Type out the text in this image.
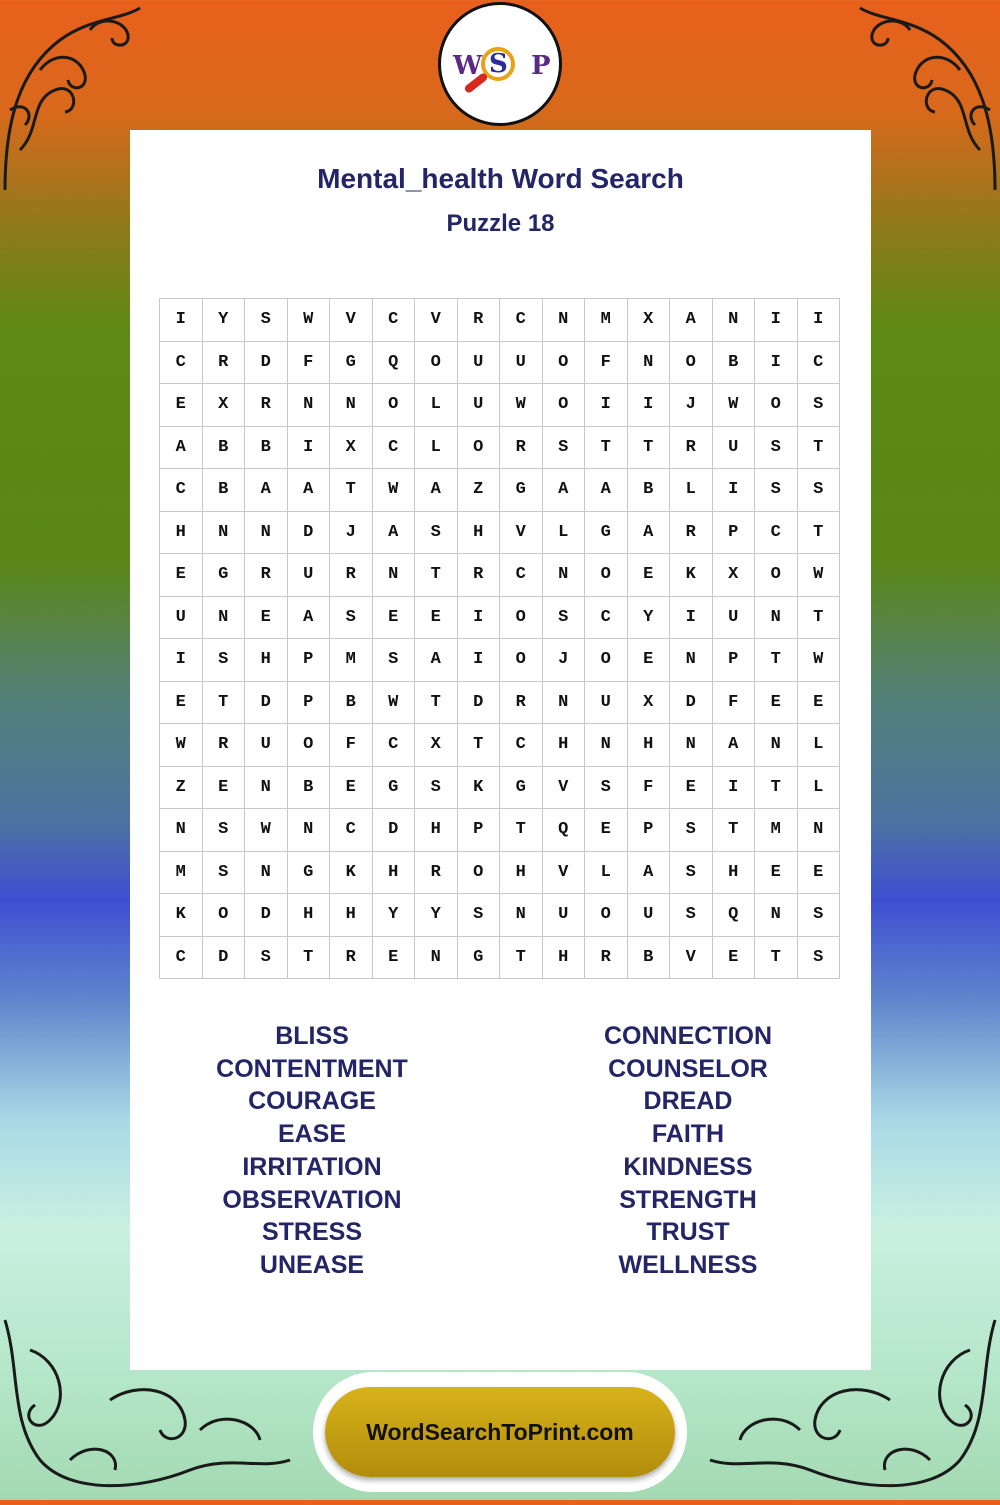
W S P
Mental_health Word Search
Puzzle 18
I	Y	S	W	V	C	V	R	C	N	M	X	A	N	I	I
C	R	D	F	G	Q	O	U	U	O	F	N	O	B	I	C
E	X	R	N	N	O	L	U	W	O	I	I	J	W	O	S
A	B	B	I	X	C	L	O	R	S	T	T	R	U	S	T
C	B	A	A	T	W	A	Z	G	A	A	B	L	I	S	S
H	N	N	D	J	A	S	H	V	L	G	A	R	P	C	T
E	G	R	U	R	N	T	R	C	N	O	E	K	X	O	W
U	N	E	A	S	E	E	I	O	S	C	Y	I	U	N	T
I	S	H	P	M	S	A	I	O	J	O	E	N	P	T	W
E	T	D	P	B	W	T	D	R	N	U	X	D	F	E	E
W	R	U	O	F	C	X	T	C	H	N	H	N	A	N	L
Z	E	N	B	E	G	S	K	G	V	S	F	E	I	T	L
N	S	W	N	C	D	H	P	T	Q	E	P	S	T	M	N
M	S	N	G	K	H	R	O	H	V	L	A	S	H	E	E
K	O	D	H	H	Y	Y	S	N	U	O	U	S	Q	N	S
C	D	S	T	R	E	N	G	T	H	R	B	V	E	T	S
BLISS
CONTENTMENT
COURAGE
EASE
IRRITATION
OBSERVATION
STRESS
UNEASE
CONNECTION
COUNSELOR
DREAD
FAITH
KINDNESS
STRENGTH
TRUST
WELLNESS
WordSearchToPrint.com
